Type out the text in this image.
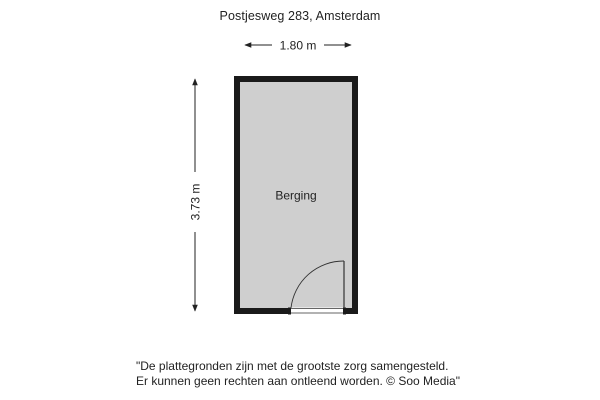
Postjesweg 283, Amsterdam
1.80 m
3.73 m	Berging
"De plattegronden zijn met de grootste zorg samengesteld.
Er kunnen geen rechten aan ontleend worden. © Soo Media"
